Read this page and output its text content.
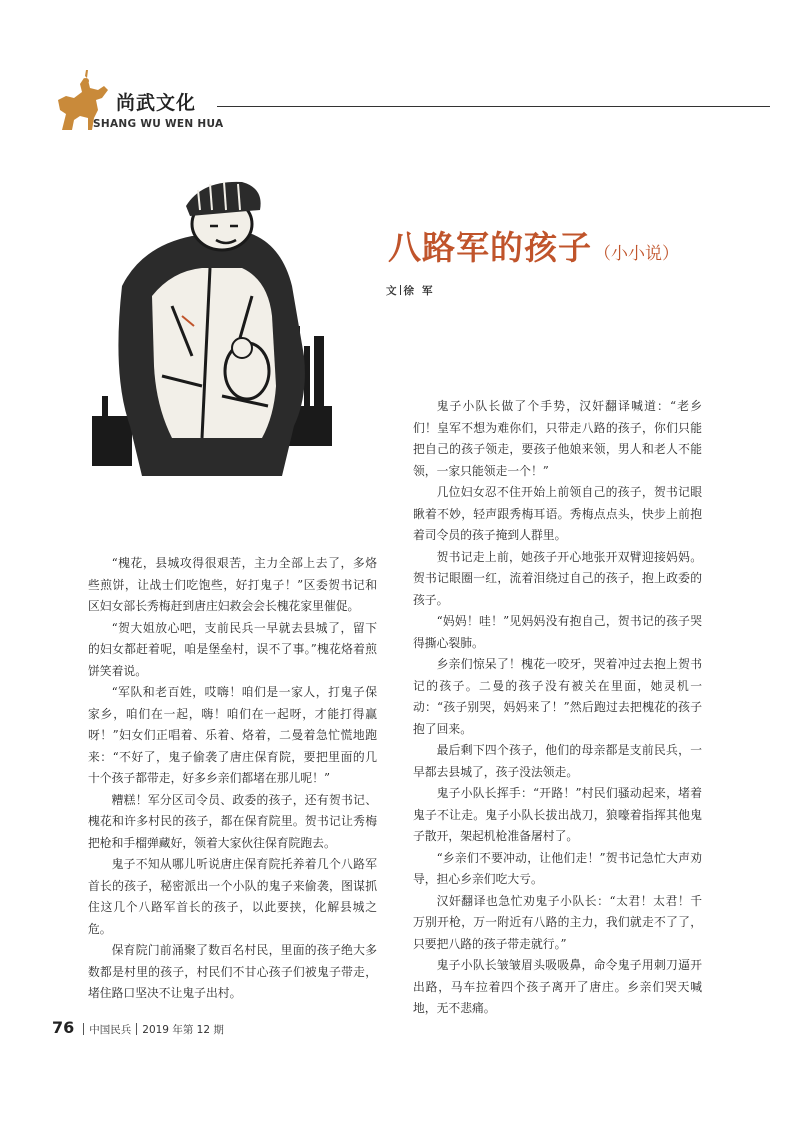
尚武文化
SHANG WU WEN HUA
八路军的孩子 （小小说）
文 徐军

“槐花，县城攻得很艰苦，主力全部上去了，多烙些煎饼，让战士们吃饱些，好打鬼子！”区委贺书记和区妇女部长秀梅赶到唐庄妇救会会长槐花家里催促。

“贺大姐放心吧，支前民兵一早就去县城了，留下的妇女都赶着呢，咱是堡垒村，误不了事。”槐花烙着煎饼笑着说。

“军队和老百姓，哎嗨！咱们是一家人，打鬼子保家乡，咱们在一起，嗨！咱们在一起呀，才能打得赢呀！”妇女们正唱着、乐着、烙着，二曼着急忙慌地跑来：“不好了，鬼子偷袭了唐庄保育院，要把里面的几十个孩子都带走，好多乡亲们都堵在那儿呢！”

糟糕！军分区司令员、政委的孩子，还有贺书记、槐花和许多村民的孩子，都在保育院里。贺书记让秀梅把枪和手榴弹藏好，领着大家伙往保育院跑去。

鬼子不知从哪儿听说唐庄保育院托养着几个八路军首长的孩子，秘密派出一个小队的鬼子来偷袭，图谋抓住这几个八路军首长的孩子，以此要挟，化解县城之危。

保育院门前涌聚了数百名村民，里面的孩子绝大多数都是村里的孩子，村民们不甘心孩子们被鬼子带走，堵住路口坚决不让鬼子出村。

鬼子小队长做了个手势，汉奸翻译喊道：“老乡们！皇军不想为难你们，只带走八路的孩子，你们只能把自己的孩子领走，要孩子他娘来领，男人和老人不能领，一家只能领走一个！”

几位妇女忍不住开始上前领自己的孩子，贺书记眼瞅着不妙，轻声跟秀梅耳语。秀梅点点头，快步上前抱着司令员的孩子掩到人群里。

贺书记走上前，她孩子开心地张开双臂迎接妈妈。贺书记眼圈一红，流着泪绕过自己的孩子，抱上政委的孩子。

“妈妈！哇！”见妈妈没有抱自己，贺书记的孩子哭得撕心裂肺。

乡亲们惊呆了！槐花一咬牙，哭着冲过去抱上贺书记的孩子。二曼的孩子没有被关在里面，她灵机一动：“孩子别哭，妈妈来了！”然后跑过去把槐花的孩子抱了回来。

最后剩下四个孩子，他们的母亲都是支前民兵，一早都去县城了，孩子没法领走。

鬼子小队长挥手：“开路！”村民们骚动起来，堵着鬼子不让走。鬼子小队长拔出战刀，狼嚎着指挥其他鬼子散开，架起机枪准备屠村了。

“乡亲们不要冲动，让他们走！”贺书记急忙大声劝导，担心乡亲们吃大亏。

汉奸翻译也急忙劝鬼子小队长：“太君！太君！千万别开枪，万一附近有八路的主力，我们就走不了了，只要把八路的孩子带走就行。”

鬼子小队长皱皱眉头吸吸鼻，命令鬼子用刺刀逼开出路，马车拉着四个孩子离开了唐庄。乡亲们哭天喊地，无不悲痛。

76 中国民兵 2019 年第 12 期
